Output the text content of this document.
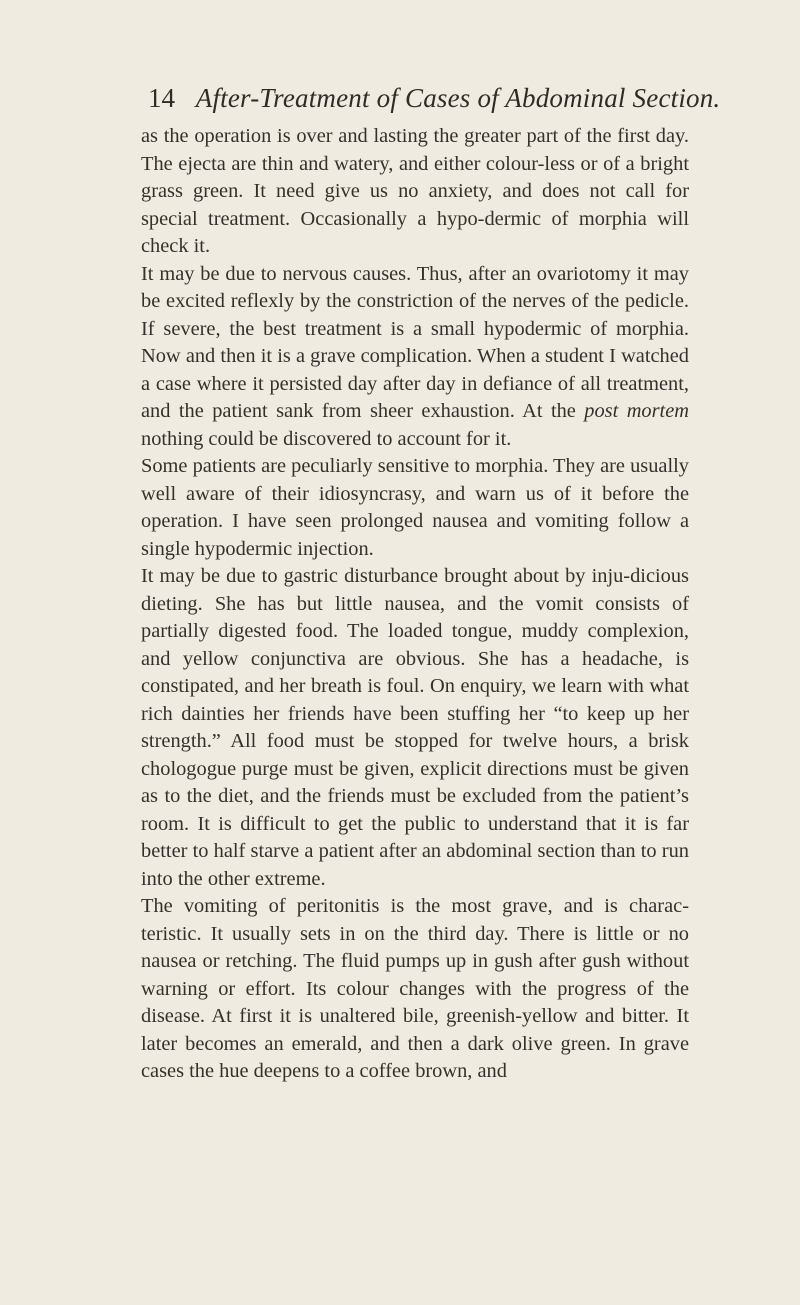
14 After-Treatment of Cases of Abdominal Section.

as the operation is over and lasting the greater part of the first day. The ejecta are thin and watery, and either colour-less or of a bright grass green. It need give us no anxiety, and does not call for special treatment. Occasionally a hypo-dermic of morphia will check it.

It may be due to nervous causes. Thus, after an ovariotomy it may be excited reflexly by the constriction of the nerves of the pedicle. If severe, the best treatment is a small hypodermic of morphia. Now and then it is a grave complication. When a student I watched a case where it persisted day after day in defiance of all treatment, and the patient sank from sheer exhaustion. At the post mortem nothing could be discovered to account for it.

Some patients are peculiarly sensitive to morphia. They are usually well aware of their idiosyncrasy, and warn us of it before the operation. I have seen prolonged nausea and vomiting follow a single hypodermic injection.

It may be due to gastric disturbance brought about by inju-dicious dieting. She has but little nausea, and the vomit consists of partially digested food. The loaded tongue, muddy complexion, and yellow conjunctiva are obvious. She has a headache, is constipated, and her breath is foul. On enquiry, we learn with what rich dainties her friends have been stuffing her “to keep up her strength.” All food must be stopped for twelve hours, a brisk chologogue purge must be given, explicit directions must be given as to the diet, and the friends must be excluded from the patient’s room. It is difficult to get the public to understand that it is far better to half starve a patient after an abdominal section than to run into the other extreme.

The vomiting of peritonitis is the most grave, and is charac-teristic. It usually sets in on the third day. There is little or no nausea or retching. The fluid pumps up in gush after gush without warning or effort. Its colour changes with the progress of the disease. At first it is unaltered bile, greenish-yellow and bitter. It later becomes an emerald, and then a dark olive green. In grave cases the hue deepens to a coffee brown, and
